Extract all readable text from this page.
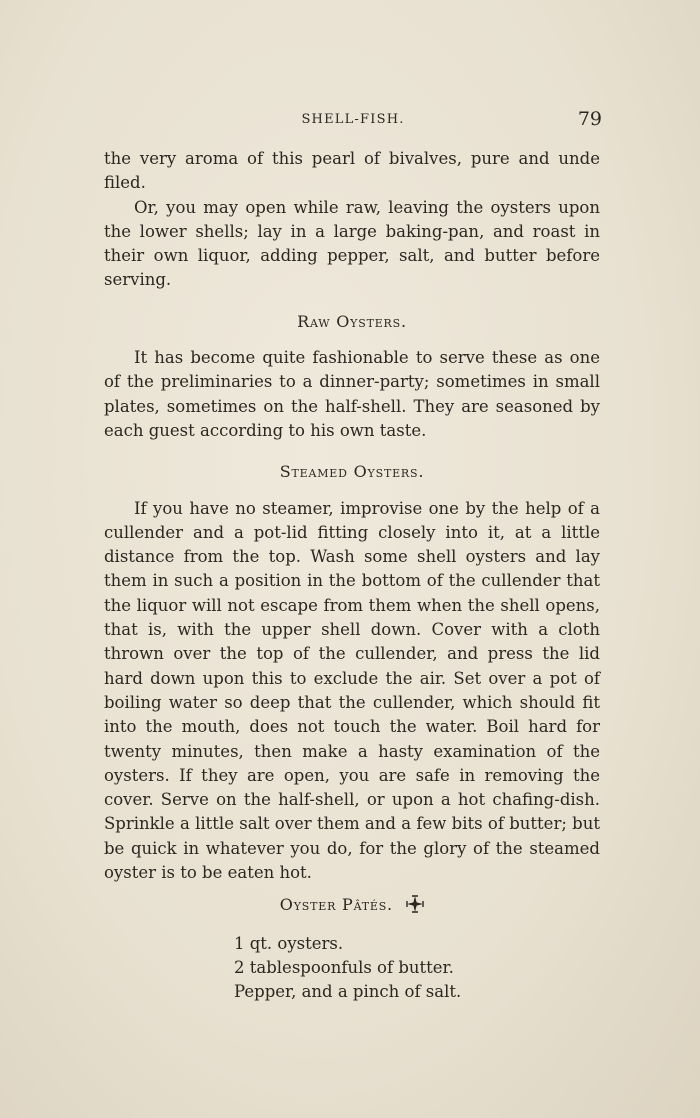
SHELL-FISH.	79

the very aroma of this pearl of bivalves, pure and unde filed.

Or, you may open while raw, leaving the oysters upon the lower shells; lay in a large baking-pan, and roast in their own liquor, adding pepper, salt, and butter before serving.

Raw Oysters.

It has become quite fashionable to serve these as one of the preliminaries to a dinner-party; sometimes in small plates, sometimes on the half-shell. They are seasoned by each guest according to his own taste.

Steamed Oysters.

If you have no steamer, improvise one by the help of a cullender and a pot-lid fitting closely into it, at a little distance from the top. Wash some shell oysters and lay them in such a position in the bottom of the cullender that the liquor will not escape from them when the shell opens, that is, with the upper shell down. Cover with a cloth thrown over the top of the cullender, and press the lid hard down upon this to exclude the air. Set over a pot of boiling water so deep that the cullender, which should fit into the mouth, does not touch the water. Boil hard for twenty minutes, then make a hasty examination of the oysters. If they are open, you are safe in removing the cover. Serve on the half-shell, or upon a hot chafing-dish. Sprinkle a little salt over them and a few bits of butter; but be quick in whatever you do, for the glory of the steamed oyster is to be eaten hot.

Oyster Pâtés.
1 qt. oysters.
2 tablespoonfuls of butter.
Pepper, and a pinch of salt.
